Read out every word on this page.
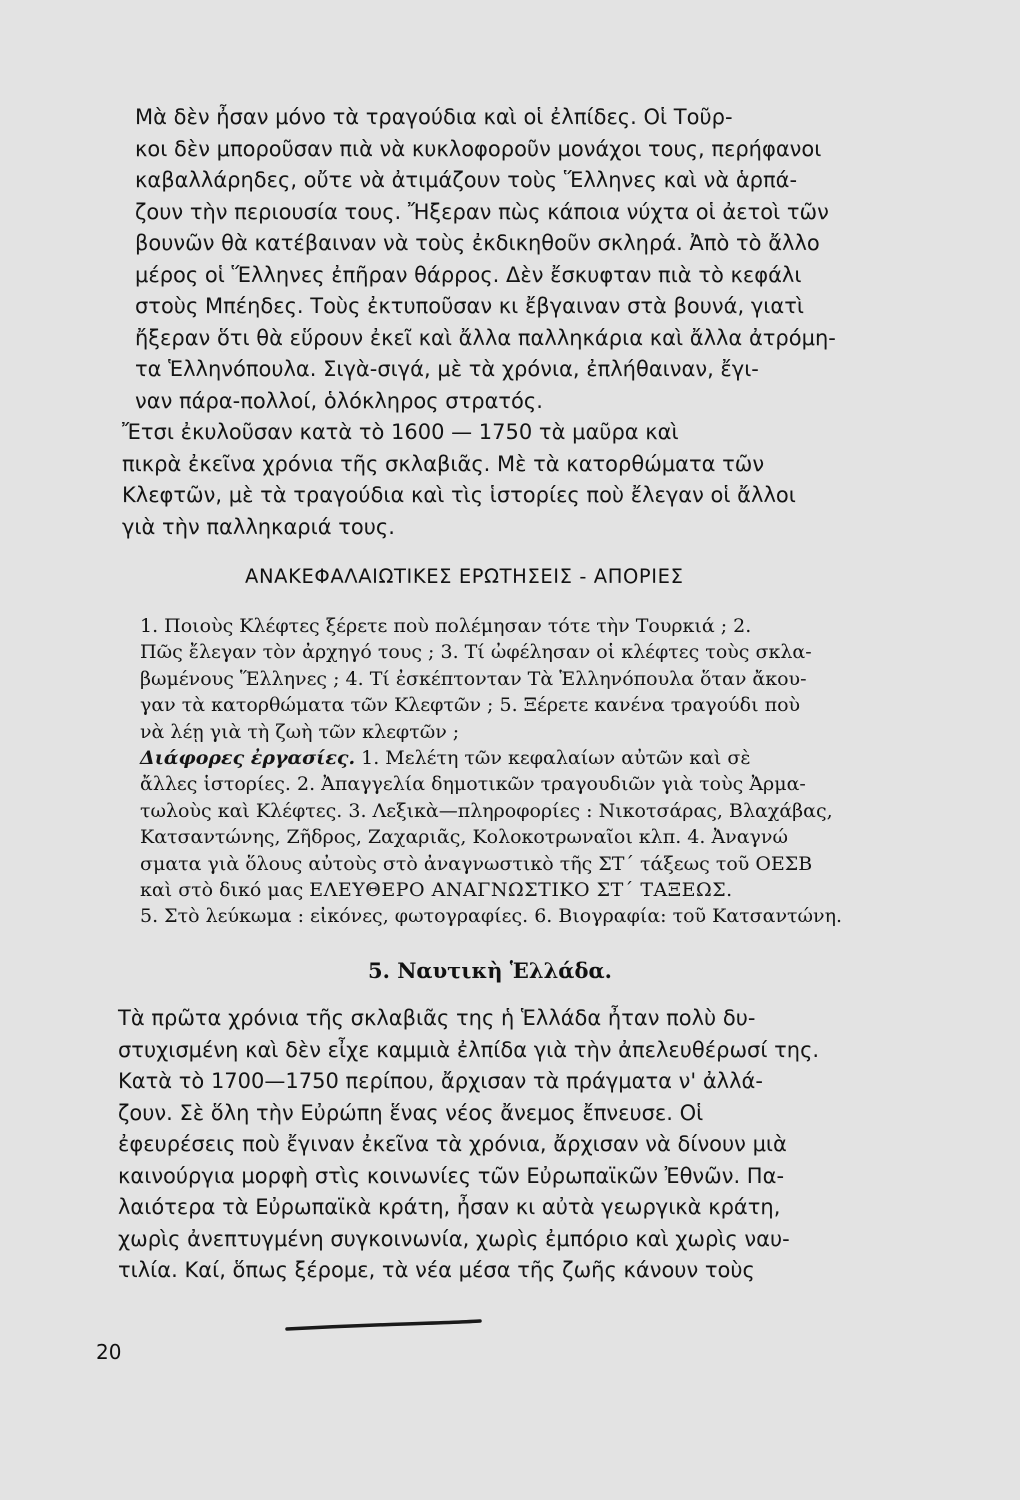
Μὰ δὲν ἦσαν μόνο τὰ τραγούδια καὶ οἱ ἐλπίδες. Οἱ Τοῦρ-
κοι δὲν μποροῦσαν πιὰ νὰ κυκλοφοροῦν μονάχοι τους, περήφανοι
καβαλλάρηδες, οὔτε νὰ ἀτιμάζουν τοὺς Ἕλληνες καὶ νὰ ἁρπά-
ζουν τὴν περιουσία τους. Ἤξεραν πὼς κάποια νύχτα οἱ ἀετοὶ τῶν
βουνῶν θὰ κατέβαιναν νὰ τοὺς ἐκδικηθοῦν σκληρά. Ἀπὸ τὸ ἄλλο
μέρος οἱ Ἕλληνες ἐπῆραν θάρρος. Δὲν ἔσκυφταν πιὰ τὸ κεφάλι
στοὺς Μπέηδες. Τοὺς ἐκτυποῦσαν κι ἔβγαιναν στὰ βουνά, γιατὶ
ἤξεραν ὅτι θὰ εὕρουν ἐκεῖ καὶ ἄλλα παλληκάρια καὶ ἄλλα ἀτρόμη-
τα Ἑλληνόπουλα. Σιγὰ-σιγά, μὲ τὰ χρόνια, ἐπλήθαιναν, ἔγι-
ναν πάρα-πολλοί, ὁλόκληρος στρατός.
Ἔτσι ἐκυλοῦσαν κατὰ τὸ 1600 — 1750 τὰ μαῦρα καὶ
πικρὰ ἐκεῖνα χρόνια τῆς σκλαβιᾶς. Μὲ τὰ κατορθώματα τῶν
Κλεφτῶν, μὲ τὰ τραγούδια καὶ τὶς ἱστορίες ποὺ ἔλεγαν οἱ ἄλλοι
γιὰ τὴν παλληκαριά τους.
ΑΝΑΚΕΦΑΛΑΙΩΤΙΚΕΣ ΕΡΩΤΗΣΕΙΣ - ΑΠΟΡΙΕΣ
1. Ποιοὺς Κλέφτες ξέρετε ποὺ πολέμησαν τότε τὴν Τουρκιά ; 2.
Πῶς ἔλεγαν τὸν ἀρχηγό τους ; 3. Τί ὠφέλησαν οἱ κλέφτες τοὺς σκλα-
βωμένους Ἕλληνες ; 4. Τί ἐσκέπτονταν Τὰ Ἑλληνόπουλα ὅταν ἄκου-
γαν τὰ κατορθώματα τῶν Κλεφτῶν ; 5. Ξέρετε κανένα τραγούδι ποὺ
νὰ λέῃ γιὰ τὴ ζωὴ τῶν κλεφτῶν ;
Διάφορες ἐργασίες. 1. Μελέτη τῶν κεφαλαίων αὐτῶν καὶ σὲ
ἄλλες ἱστορίες. 2. Ἀπαγγελία δημοτικῶν τραγουδιῶν γιὰ τοὺς Ἀρμα-
τωλοὺς καὶ Κλέφτες. 3. Λεξικὰ—πληροφορίες : Νικοτσάρας, Βλαχάβας,
Κατσαντώνης, Ζῆδρος, Ζαχαριᾶς, Κολοκοτρωναῖοι κλπ. 4. Ἀναγνώ
σματα γιὰ ὅλους αὐτοὺς στὸ ἀναγνωστικὸ τῆς ΣΤ΄ τάξεως τοῦ ΟΕΣΒ
καὶ στὸ δικό μας ΕΛΕΥΘΕΡΟ ΑΝΑΓΝΩΣΤΙΚΟ ΣΤ΄ ΤΑΞΕΩΣ.
5. Στὸ λεύκωμα : εἰκόνες, φωτογραφίες. 6. Βιογραφία: τοῦ Κατσαντώνη.
5. Ναυτικὴ Ἑλλάδα.
Τὰ πρῶτα χρόνια τῆς σκλαβιᾶς της ἡ Ἑλλάδα ἦταν πολὺ δυ-
στυχισμένη καὶ δὲν εἶχε καμμιὰ ἐλπίδα γιὰ τὴν ἀπελευθέρωσί της.
Κατὰ τὸ 1700—1750 περίπου, ἄρχισαν τὰ πράγματα ν' ἀλλά-
ζουν. Σὲ ὅλη τὴν Εὐρώπη ἕνας νέος ἄνεμος ἔπνευσε. Οἱ
ἐφευρέσεις ποὺ ἔγιναν ἐκεῖνα τὰ χρόνια, ἄρχισαν νὰ δίνουν μιὰ
καινούργια μορφὴ στὶς κοινωνίες τῶν Εὐρωπαϊκῶν Ἐθνῶν. Πα-
λαιότερα τὰ Εὐρωπαϊκὰ κράτη, ἦσαν κι αὐτὰ γεωργικὰ κράτη,
χωρὶς ἀνεπτυγμένη συγκοινωνία, χωρὶς ἐμπόριο καὶ χωρὶς ναυ-
τιλία. Καί, ὅπως ξέρομε, τὰ νέα μέσα τῆς ζωῆς κάνουν τοὺς
20
